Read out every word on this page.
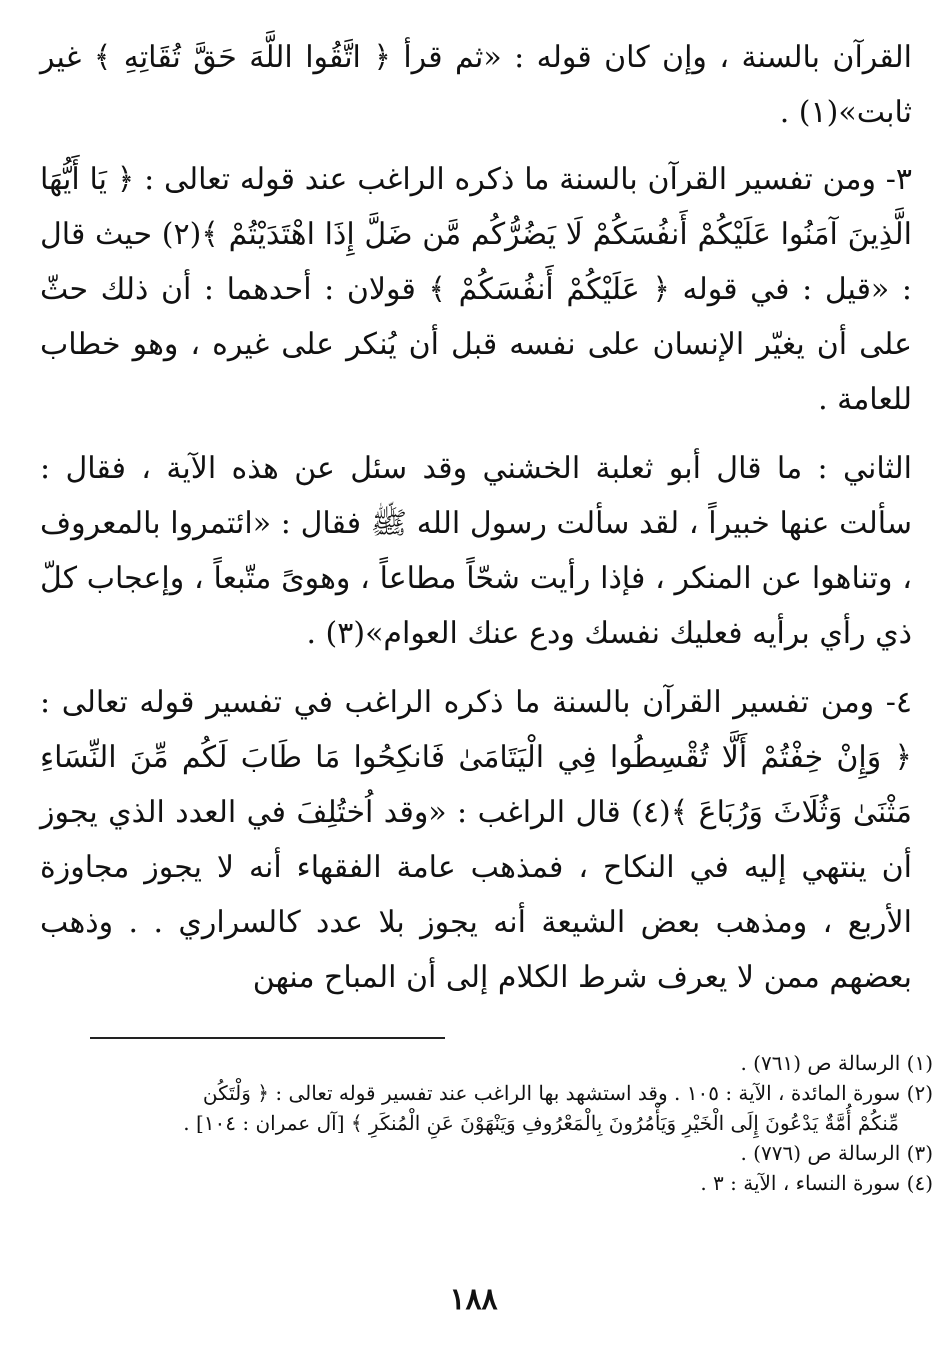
القرآن بالسنة ، وإن كان قوله : «ثم قرأ ﴿ اتَّقُوا اللَّهَ حَقَّ تُقَاتِهِ ﴾ غير ثابت»(١) .

٣- ومن تفسير القرآن بالسنة ما ذكره الراغب عند قوله تعالى : ﴿ يَا أَيُّهَا الَّذِينَ آمَنُوا عَلَيْكُمْ أَنفُسَكُمْ لَا يَضُرُّكُم مَّن ضَلَّ إِذَا اهْتَدَيْتُمْ ﴾(٢) حيث قال : «قيل : في قوله ﴿ عَلَيْكُمْ أَنفُسَكُمْ ﴾ قولان : أحدهما : أن ذلك حثّ على أن يغيّر الإنسان على نفسه قبل أن يُنكر على غيره ، وهو خطاب للعامة .

الثاني : ما قال أبو ثعلبة الخشني وقد سئل عن هذه الآية ، فقال : سألت عنها خبيراً ، لقد سألت رسول الله ﷺ فقال : «ائتمروا بالمعروف ، وتناهوا عن المنكر ، فإذا رأيت شحّاً مطاعاً ، وهوىً متّبعاً ، وإعجاب كلّ ذي رأي برأيه فعليك نفسك ودع عنك العوام»(٣) .

٤- ومن تفسير القرآن بالسنة ما ذكره الراغب في تفسير قوله تعالى : ﴿ وَإِنْ خِفْتُمْ أَلَّا تُقْسِطُوا فِي الْيَتَامَىٰ فَانكِحُوا مَا طَابَ لَكُم مِّنَ النِّسَاءِ مَثْنَىٰ وَثُلَاثَ وَرُبَاعَ ﴾(٤) قال الراغب : «وقد اُختُلِفَ في العدد الذي يجوز أن ينتهي إليه في النكاح ، فمذهب عامة الفقهاء أنه لا يجوز مجاوزة الأربع ، ومذهب بعض الشيعة أنه يجوز بلا عدد كالسراري . . وذهب بعضهم ممن لا يعرف شرط الكلام إلى أن المباح منهن

(١) الرسالة ص (٧٦١) .

(٢) سورة المائدة ، الآية : ١٠٥ . وقد استشهد بها الراغب عند تفسير قوله تعالى : ﴿ وَلْتَكُن

مِّنكُمْ أُمَّةٌ يَدْعُونَ إِلَى الْخَيْرِ وَيَأْمُرُونَ بِالْمَعْرُوفِ وَيَنْهَوْنَ عَنِ الْمُنكَرِ ﴾ [آل عمران : ١٠٤] .

(٣) الرسالة ص (٧٧٦) .

(٤) سورة النساء ، الآية : ٣ .

١٨٨
